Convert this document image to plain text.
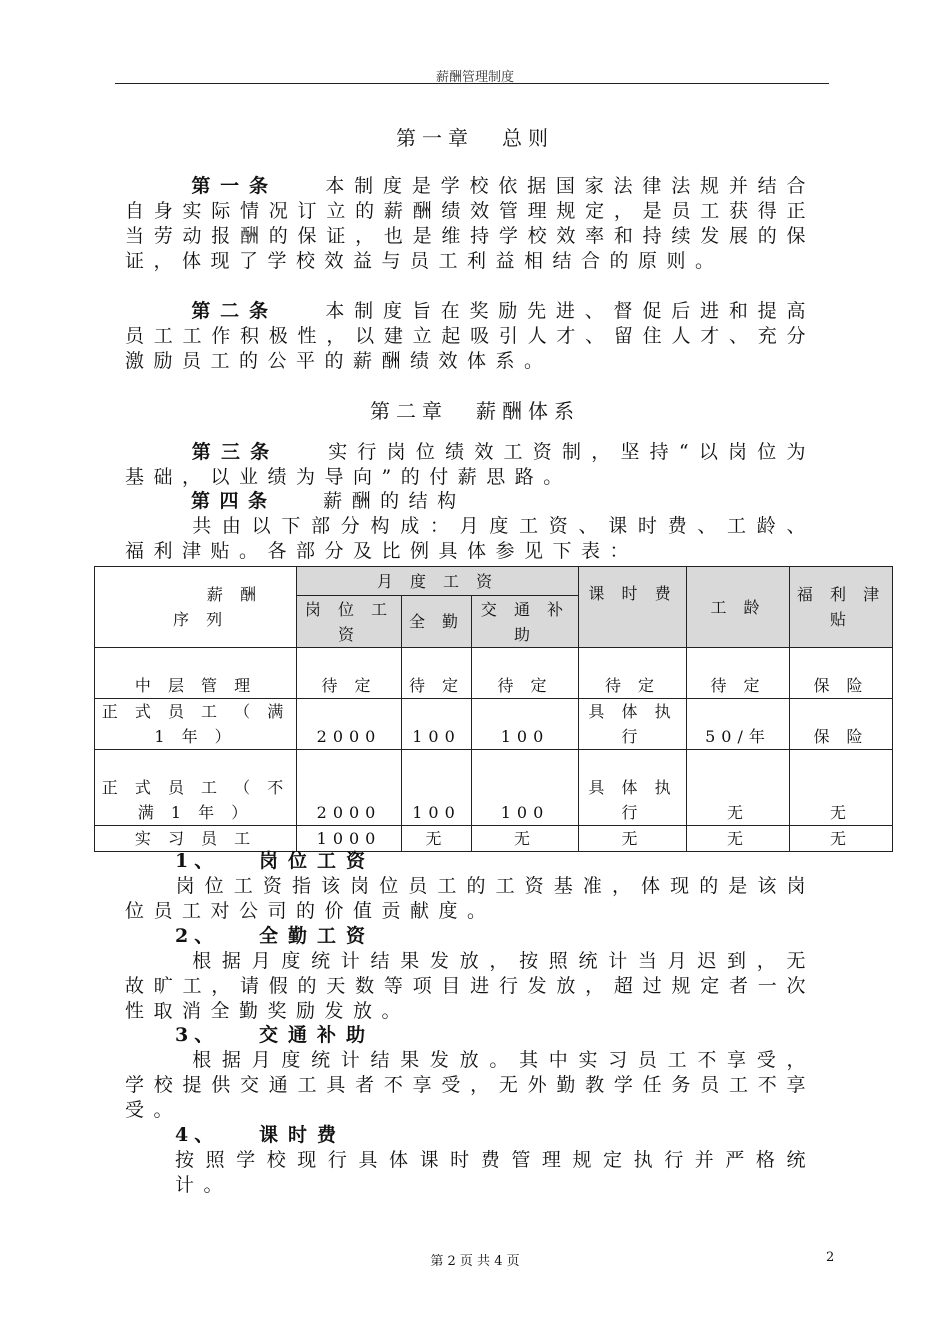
薪酬管理制度
第一章 总则

第一条	本制度是学校依据国家法律法规并结合自身实际情况订立的薪酬绩效管理规定，是员工获得正当劳动报酬的保证，也是维持学校效率和持续发展的保证，体现了学校效益与员工利益相结合的原则。

第二条	本制度旨在奖励先进、督促后进和提高员工工作积极性，以建立起吸引人才、留住人才、充分激励员工的公平的薪酬绩效体系。

第二章 薪酬体系

第三条	实行岗位绩效工资制，坚持“以岗位为基础，以业绩为导向”的付薪思路。

第四条 薪酬的结构

共由以下部分构成：月度工资、课时费、工龄、福利津贴。各部分及比例具体参见下表：

薪 酬
序 列	月 度 工 资			课 时 费	工 龄	福 利 津 贴
	岗 位 工 资	全 勤	交 通 补 助			
中 层 管 理	待 定	待 定	待 定	待 定	待 定	保 险
正 式 员 工 （ 满 1 年 ）	2000	100	100	具 体 执 行	50/年	保 险
正 式 员 工 （ 不 满 1 年 ）	2000	100	100	具 体 执 行	无	无
实 习 员 工	1000	无	无	无	无	无
1、 岗位工资

岗位工资指该岗位员工的工资基准，体现的是该岗位员工对公司的价值贡献度。

2、 全勤工资

根据月度统计结果发放，按照统计当月迟到，无故旷工，请假的天数等项目进行发放，超过规定者一次性取消全勤奖励发放。

3、 交通补助

根据月度统计结果发放。其中实习员工不享受，学校提供交通工具者不享受，无外勤教学任务员工不享受。

4、 课时费

按照学校现行具体课时费管理规定执行并严格统计。

第 2 页 共 4 页	2
